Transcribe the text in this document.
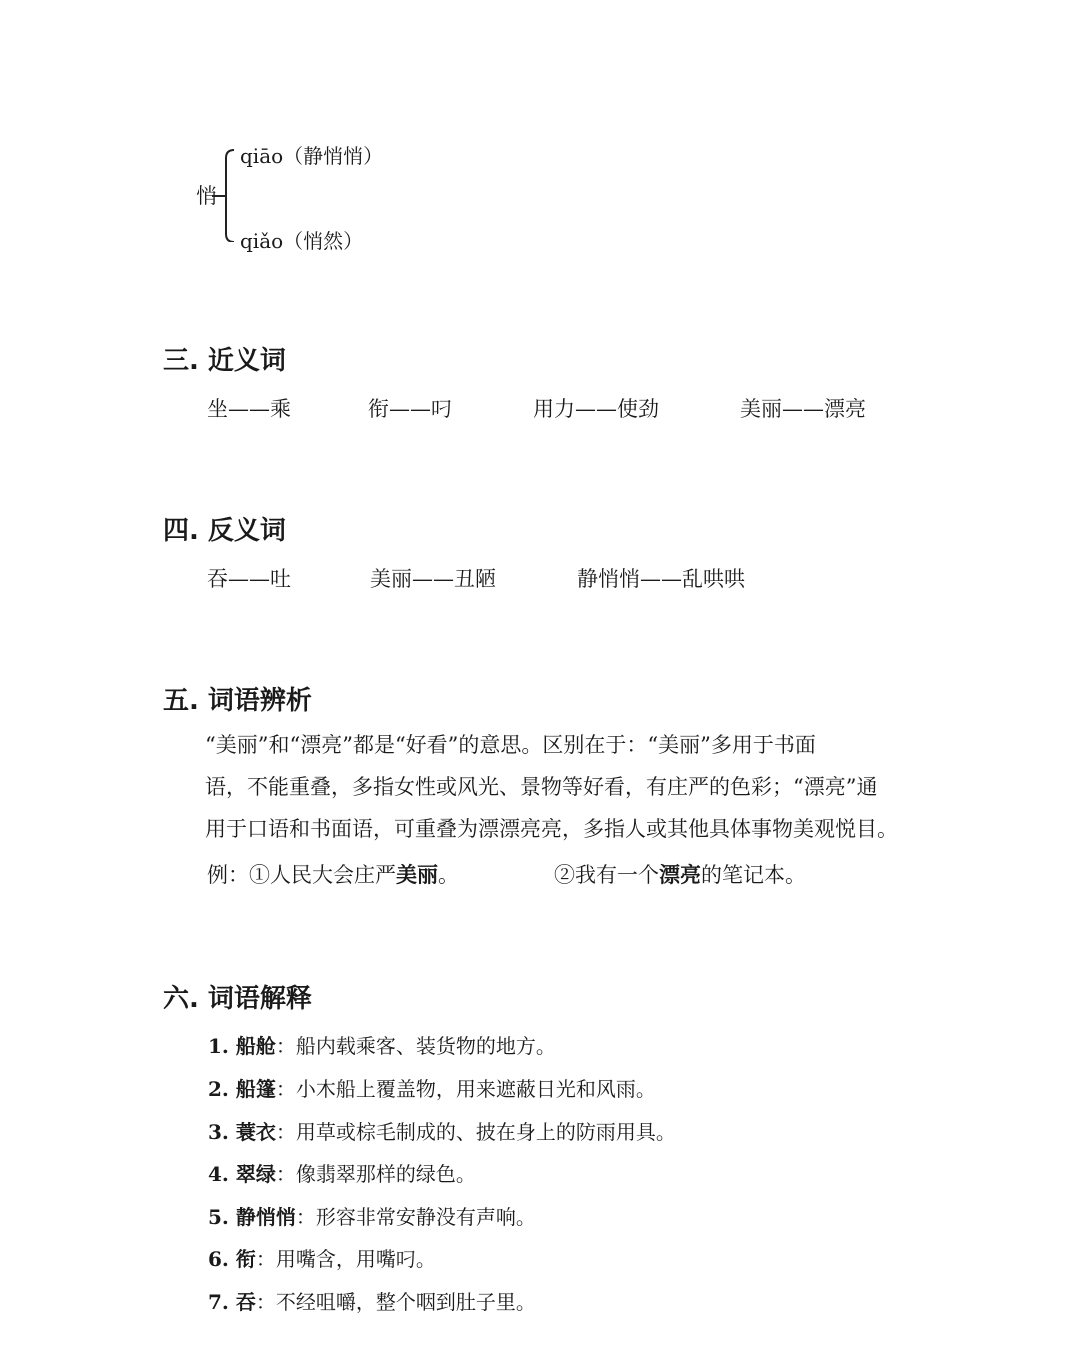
悄
qiāo（静悄悄）
qiǎo（悄然）
三. 近义词
坐——乘	衔——叼	用力——使劲	美丽——漂亮
四. 反义词
吞——吐	美丽——丑陋	静悄悄——乱哄哄
五. 词语辨析
“美丽”和“漂亮”都是“好看”的意思。区别在于：“美丽”多用于书面
语，不能重叠，多指女性或风光、景物等好看，有庄严的色彩；“漂亮”通
用于口语和书面语，可重叠为漂漂亮亮，多指人或其他具体事物美观悦目。
例：①人民大会庄严美丽。	②我有一个漂亮的笔记本。
六. 词语解释
1. 船舱：船内载乘客、装货物的地方。
2. 船篷：小木船上覆盖物，用来遮蔽日光和风雨。
3. 蓑衣：用草或棕毛制成的、披在身上的防雨用具。
4. 翠绿：像翡翠那样的绿色。
5. 静悄悄：形容非常安静没有声响。
6. 衔：用嘴含，用嘴叼。
7. 吞：不经咀嚼，整个咽到肚子里。
